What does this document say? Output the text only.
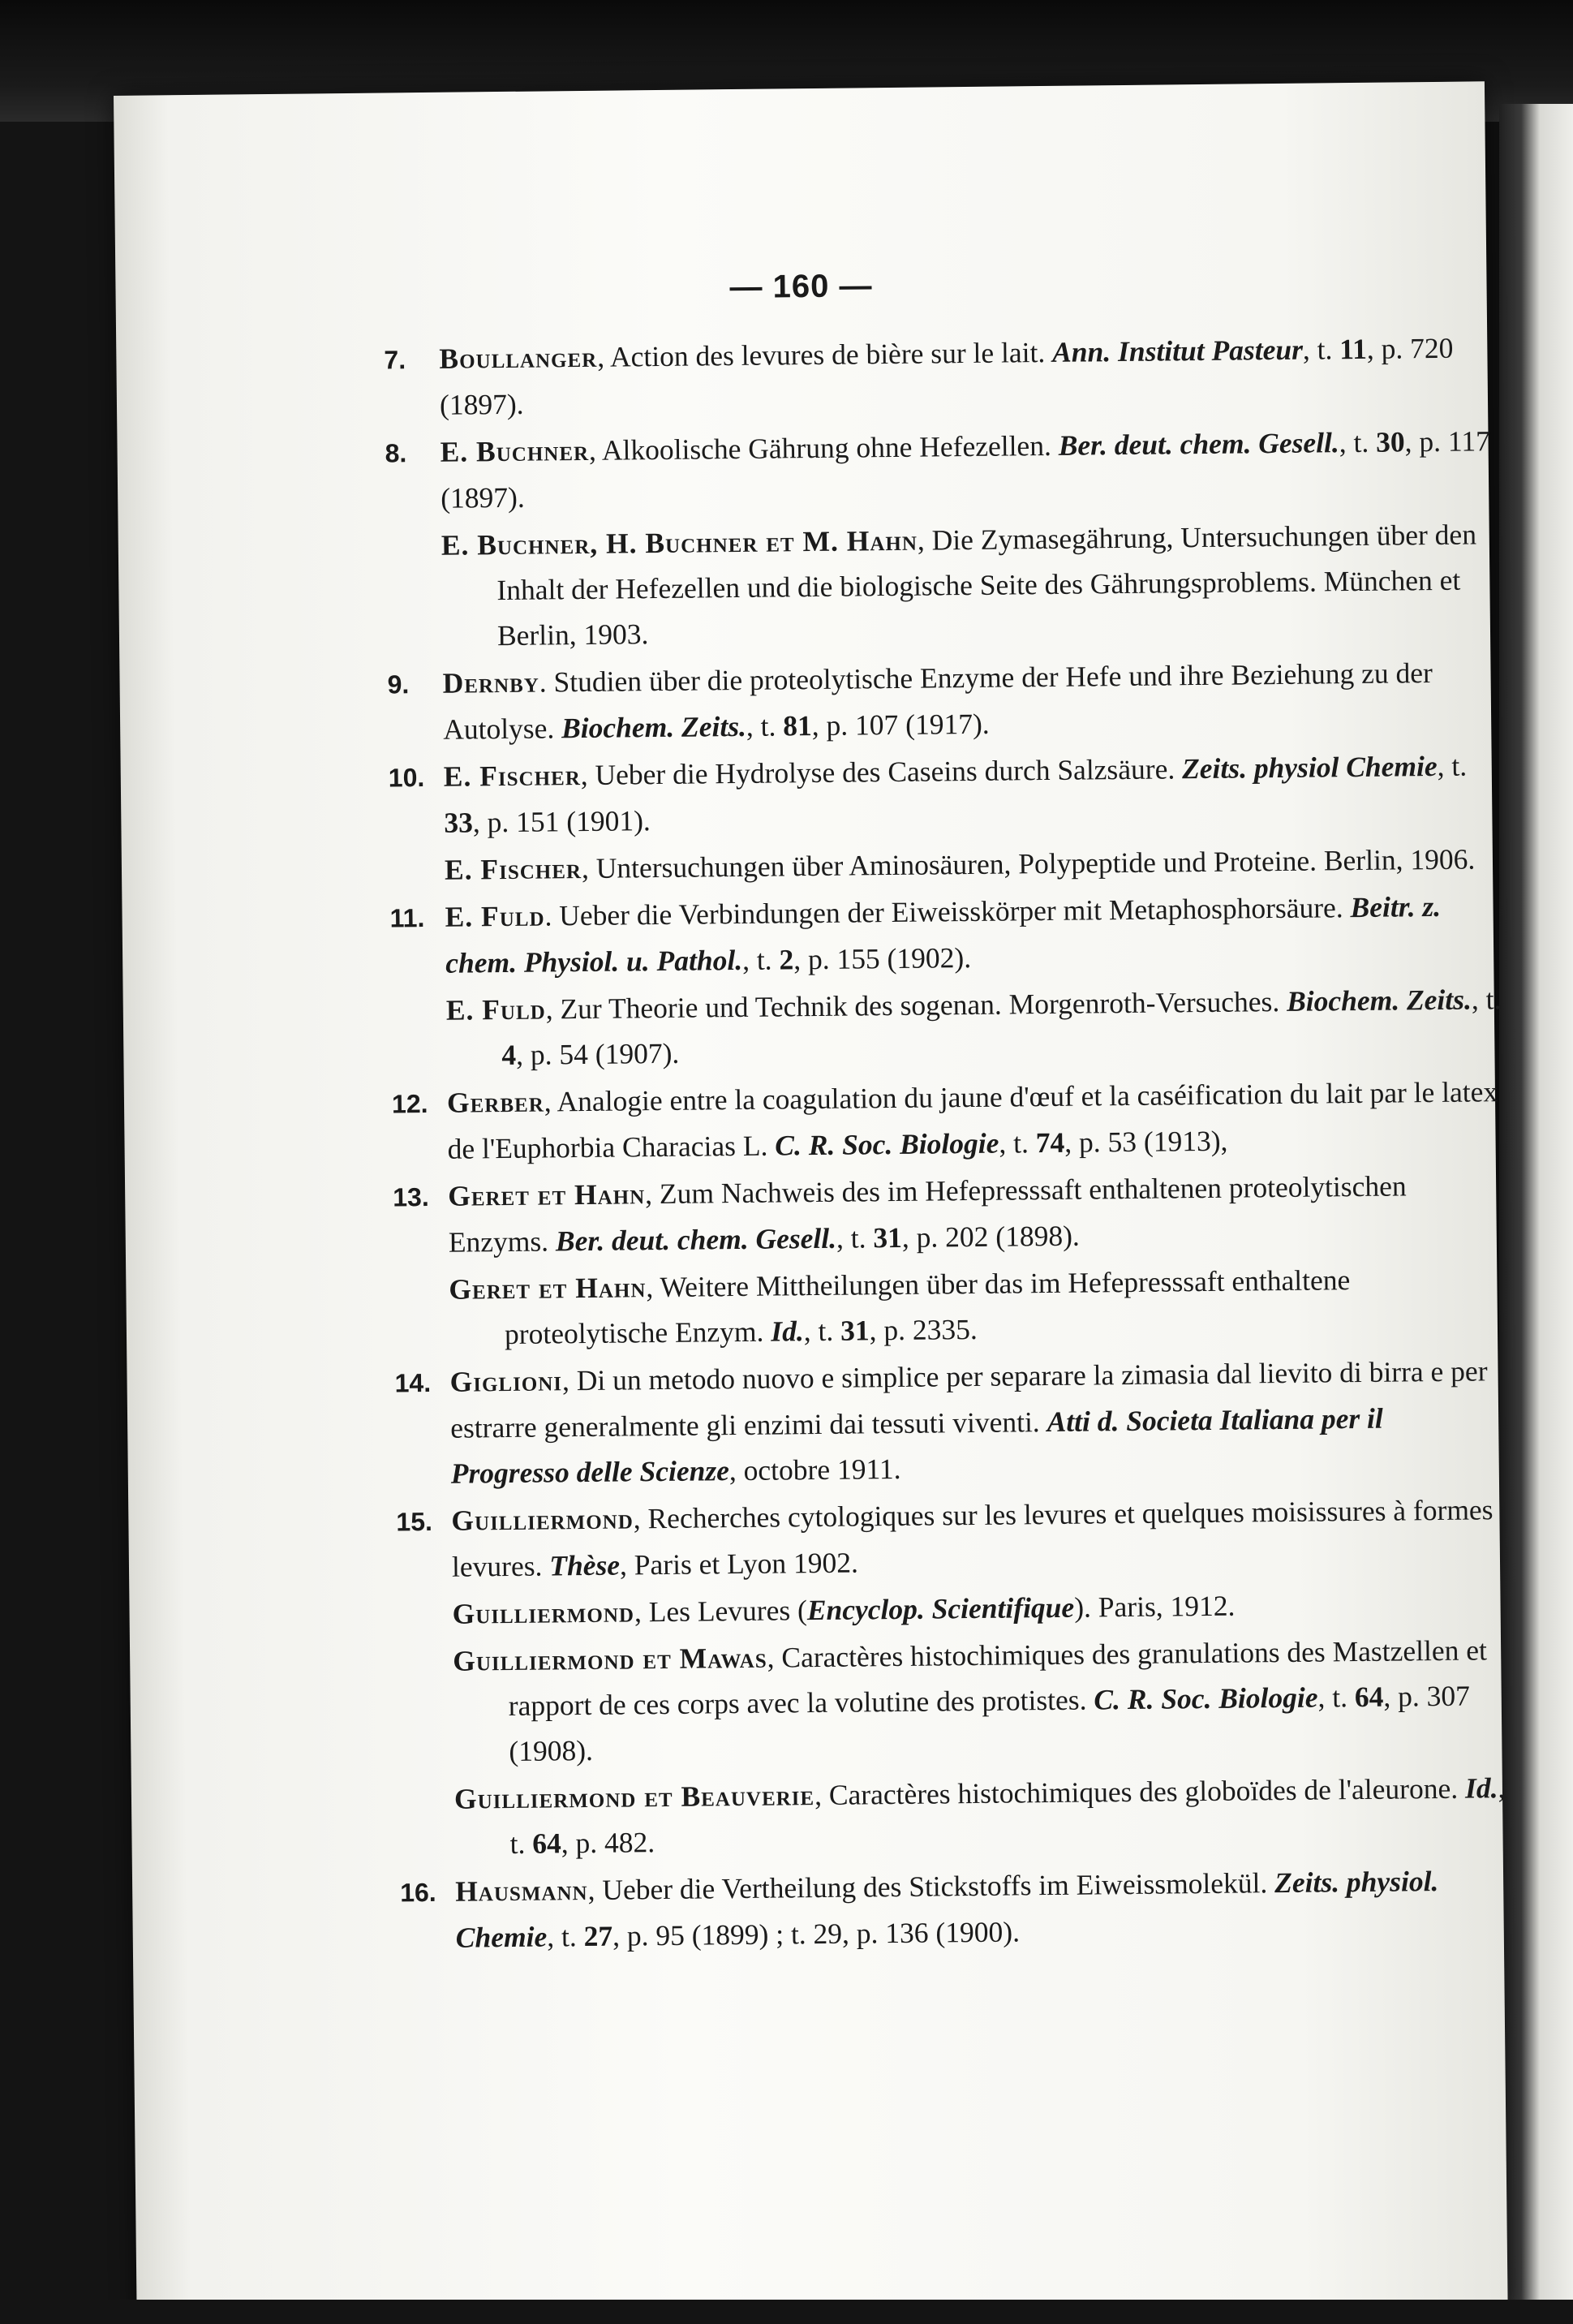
— 160 —
7. Boullanger, Action des levures de bière sur le lait. Ann. Institut Pasteur, t. 11, p. 720 (1897).
8. E. Buchner, Alkoolische Gährung ohne Hefezellen. Ber. deut. chem. Gesell., t. 30, p. 117 (1897).
E. Buchner, H. Buchner et M. Hahn, Die Zymasegährung, Untersuchungen über den Inhalt der Hefezellen und die biologische Seite des Gährungsproblems. München et Berlin, 1903.
9. Dernby. Studien über die proteolytische Enzyme der Hefe und ihre Beziehung zu der Autolyse. Biochem. Zeits., t. 81, p. 107 (1917).
10. E. Fischer, Ueber die Hydrolyse des Caseins durch Salzsäure. Zeits. physiol Chemie, t. 33, p. 151 (1901).
E. Fischer, Untersuchungen über Aminosäuren, Polypeptide und Proteine. Berlin, 1906.
11. E. Fuld. Ueber die Verbindungen der Eiweisskörper mit Metaphosphorsäure. Beitr. z. chem. Physiol. u. Pathol., t. 2, p. 155 (1902).
E. Fuld, Zur Theorie und Technik des sogenan. Morgenroth-Versuches. Biochem. Zeits., t. 4, p. 54 (1907).
12. Gerber, Analogie entre la coagulation du jaune d'œuf et la caséification du lait par le latex de l'Euphorbia Characias L. C. R. Soc. Biologie, t. 74, p. 53 (1913),
13. Geret et Hahn, Zum Nachweis des im Hefepresssaft enthaltenen proteolytischen Enzyms. Ber. deut. chem. Gesell., t. 31, p. 202 (1898).
Geret et Hahn, Weitere Mittheilungen über das im Hefepresssaft enthaltene proteolytische Enzym. Id., t. 31, p. 2335.
14. Giglioni, Di un metodo nuovo e simplice per separare la zimasia dal lievito di birra e per estrarre generalmente gli enzimi dai tessuti viventi. Atti d. Societa Italiana per il Progresso delle Scienze, octobre 1911.
15. Guilliermond, Recherches cytologiques sur les levures et quelques moisissures à formes levures. Thèse, Paris et Lyon 1902.
Guilliermond, Les Levures (Encyclop. Scientifique). Paris, 1912.
Guilliermond et Mawas, Caractères histochimiques des granulations des Mastzellen et rapport de ces corps avec la volutine des protistes. C. R. Soc. Biologie, t. 64, p. 307 (1908).
Guilliermond et Beauverie, Caractères histochimiques des globoïdes de l'aleurone. Id., t. 64, p. 482.
16. Hausmann, Ueber die Vertheilung des Stickstoffs im Eiweissmolekül. Zeits. physiol. Chemie, t. 27, p. 95 (1899) ; t. 29, p. 136 (1900).
